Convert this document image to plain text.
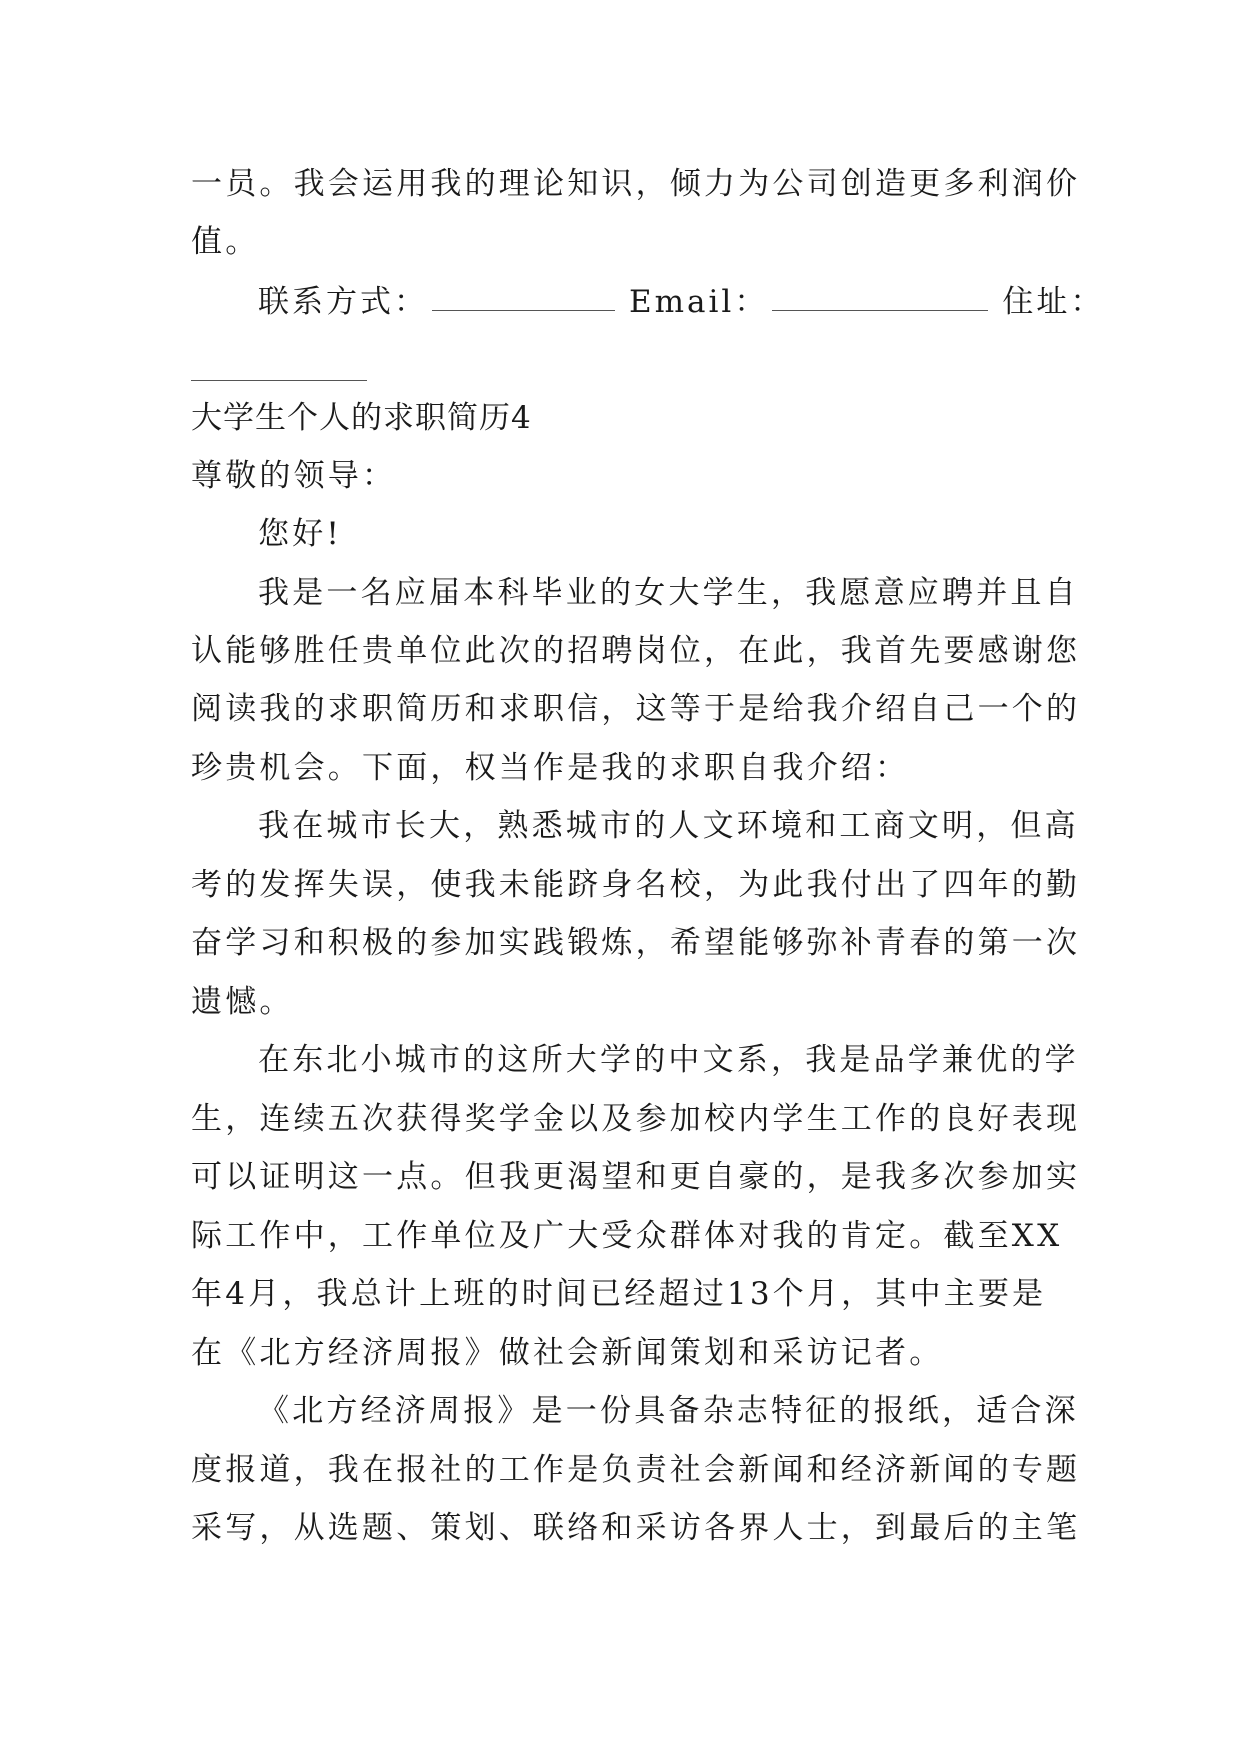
一员。我会运用我的理论知识，倾力为公司创造更多利润价
值。
联系方式：	Email：	住址：
大学生个人的求职简历4
尊敬的领导：
您好!
我是一名应届本科毕业的女大学生，我愿意应聘并且自
认能够胜任贵单位此次的招聘岗位，在此，我首先要感谢您
阅读我的求职简历和求职信，这等于是给我介绍自己一个的
珍贵机会。下面，权当作是我的求职自我介绍：
我在城市长大，熟悉城市的人文环境和工商文明，但高
考的发挥失误，使我未能跻身名校，为此我付出了四年的勤
奋学习和积极的参加实践锻炼，希望能够弥补青春的第一次
遗憾。
在东北小城市的这所大学的中文系，我是品学兼优的学
生，连续五次获得奖学金以及参加校内学生工作的良好表现
可以证明这一点。但我更渴望和更自豪的，是我多次参加实
际工作中，工作单位及广大受众群体对我的肯定。截至XX
年4月，我总计上班的时间已经超过13个月，其中主要是
在《北方经济周报》做社会新闻策划和采访记者。
《北方经济周报》是一份具备杂志特征的报纸，适合深
度报道，我在报社的工作是负责社会新闻和经济新闻的专题
采写，从选题、策划、联络和采访各界人士，到最后的主笔
